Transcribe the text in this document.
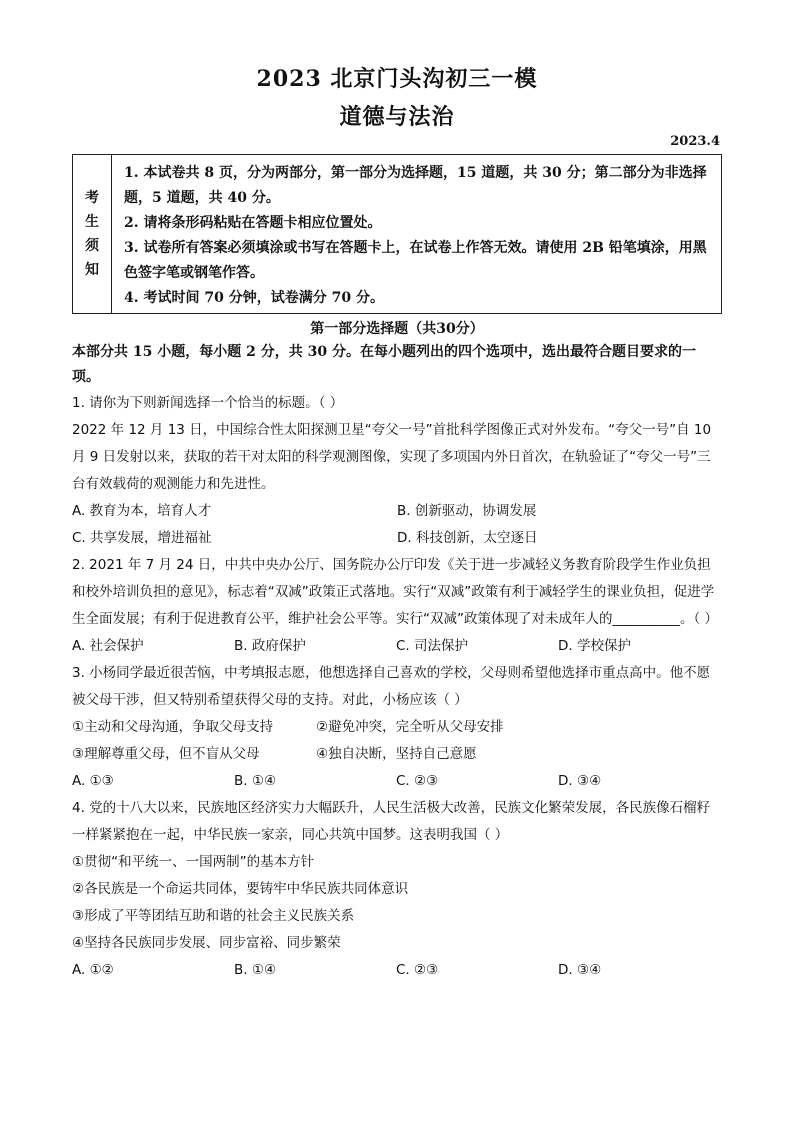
2023 北京门头沟初三一模
道德与法治
2023.4
考
生
须
知

1. 本试卷共 8 页，分为两部分，第一部分为选择题，15 道题，共 30 分；第二部分为非选择题，5 道题，共 40 分。

2. 请将条形码粘贴在答题卡相应位置处。

3. 试卷所有答案必须填涂或书写在答题卡上，在试卷上作答无效。请使用 2B 铅笔填涂，用黑色签字笔或钢笔作答。

4. 考试时间 70 分钟，试卷满分 70 分。

第一部分选择题（共30分）

本部分共 15 小题，每小题 2 分，共 30 分。在每小题列出的四个选项中，选出最符合题目要求的一项。

1. 请你为下则新闻选择一个恰当的标题。（ ）

2022 年 12 月 13 日，中国综合性太阳探测卫星“夸父一号”首批科学图像正式对外发布。“夸父一号”自 10 月 9 日发射以来，获取的若干对太阳的科学观测图像，实现了多项国内外日首次，在轨验证了“夸父一号”三台有效载荷的观测能力和先进性。

A. 教育为本，培育人才	B. 创新驱动，协调发展
C. 共享发展，增进福祉	D. 科技创新，太空逐日

2. 2021 年 7 月 24 日，中共中央办公厅、国务院办公厅印发《关于进一步减轻义务教育阶段学生作业负担和校外培训负担的意见》，标志着“双减”政策正式落地。实行“双减”政策有利于减轻学生的课业负担，促进学生全面发展；有利于促进教育公平，维护社会公平等。实行“双减”政策体现了对未成年人的__________。（ ）

A. 社会保护	B. 政府保护	C. 司法保护	D. 学校保护

3. 小杨同学最近很苦恼，中考填报志愿，他想选择自己喜欢的学校，父母则希望他选择市重点高中。他不愿被父母干涉，但又特别希望获得父母的支持。对此，小杨应该（ ）

①主动和父母沟通，争取父母支持	②避免冲突，完全听从父母安排
③理解尊重父母，但不盲从父母	④独自决断，坚持自己意愿
A. ①③	B. ①④	C. ②③	D. ③④

4. 党的十八大以来，民族地区经济实力大幅跃升，人民生活极大改善，民族文化繁荣发展，各民族像石榴籽一样紧紧抱在一起，中华民族一家亲，同心共筑中国梦。这表明我国（ ）

①贯彻“和平统一、一国两制”的基本方针
②各民族是一个命运共同体，要铸牢中华民族共同体意识
③形成了平等团结互助和谐的社会主义民族关系
④坚持各民族同步发展、同步富裕、同步繁荣
A. ①②	B. ①④	C. ②③	D. ③④
